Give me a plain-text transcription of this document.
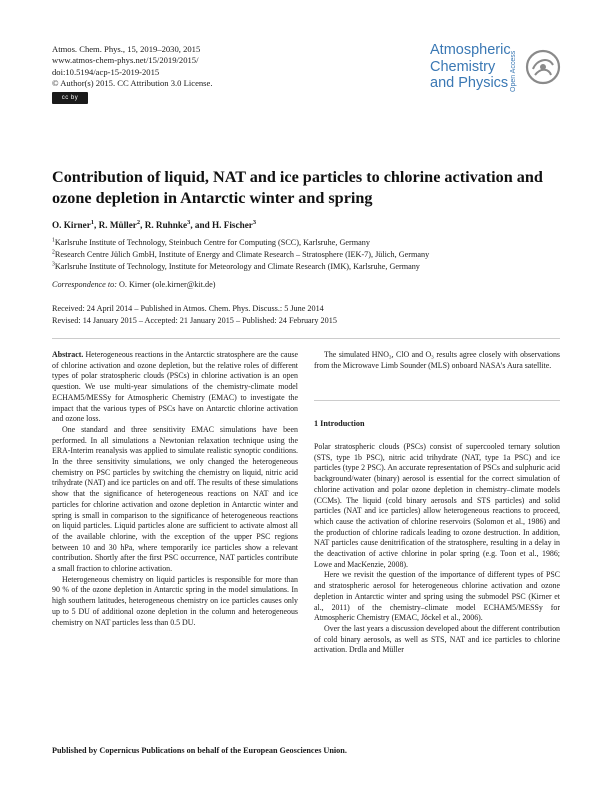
Atmos. Chem. Phys., 15, 2019–2030, 2015
www.atmos-chem-phys.net/15/2019/2015/
doi:10.5194/acp-15-2019-2015
© Author(s) 2015. CC Attribution 3.0 License.
cc by
Atmospheric
Chemistry
and Physics Open Access
Contribution of liquid, NAT and ice particles to chlorine activation and ozone depletion in Antarctic winter and spring
O. Kirner$^1$, R. Müller$^2$, R. Ruhnke$^3$, and H. Fischer$^3$
$^1$Karlsruhe Institute of Technology, Steinbuch Centre for Computing (SCC), Karlsruhe, Germany
$^2$Research Centre Jülich GmbH, Institute of Energy and Climate Research – Stratosphere (IEK-7), Jülich, Germany
$^3$Karlsruhe Institute of Technology, Institute for Meteorology and Climate Research (IMK), Karlsruhe, Germany
Correspondence to: O. Kirner (ole.kirner@kit.de)
Received: 24 April 2014 – Published in Atmos. Chem. Phys. Discuss.: 5 June 2014
Revised: 14 January 2015 – Accepted: 21 January 2015 – Published: 24 February 2015

Abstract. Heterogeneous reactions in the Antarctic stratosphere are the cause of chlorine activation and ozone depletion, but the relative roles of different types of polar stratospheric clouds (PSCs) in chlorine activation is an open question. We use multi-year simulations of the chemistry-climate model ECHAM5/MESSy for Atmospheric Chemistry (EMAC) to investigate the impact that the various types of PSCs have on Antarctic chlorine activation and ozone loss.

One standard and three sensitivity EMAC simulations have been performed. In all simulations a Newtonian relaxation technique using the ERA-Interim reanalysis was applied to simulate realistic synoptic conditions. In the three sensitivity simulations, we only changed the heterogeneous chemistry on PSC particles by switching the chemistry on liquid, nitric acid trihydrate (NAT) and ice particles on and off. The results of these simulations show that the significance of heterogeneous reactions on NAT and ice particles for chlorine activation and ozone depletion in Antarctic winter and spring is small in comparison to the significance of heterogeneous reactions on liquid particles. Liquid particles alone are sufficient to activate almost all of the available chlorine, with the exception of the upper PSC regions between 10 and 30 hPa, where temporarily ice particles show a relevant contribution. Shortly after the first PSC occurrence, NAT particles contribute a small fraction to chlorine activation.

Heterogeneous chemistry on liquid particles is responsible for more than 90 % of the ozone depletion in Antarctic spring in the model simulations. In high southern latitudes, heterogeneous chemistry on ice particles causes only up to 5 DU of additional ozone depletion in the column and heterogeneous chemistry on NAT particles less than 0.5 DU.

The simulated HNO₃, ClO and O₃ results agree closely with observations from the Microwave Limb Sounder (MLS) onboard NASA's Aura satellite.

1 Introduction

Polar stratospheric clouds (PSCs) consist of supercooled ternary solution (STS, type 1b PSC), nitric acid trihydrate (NAT, type 1a PSC) and ice particles (type 2 PSC). An accurate representation of PSCs and sulphuric acid background/water (binary) aerosol is essential for the correct simulation of chlorine activation and polar ozone depletion in chemistry–climate models (CCMs). The liquid (cold binary aerosols and STS particles) and solid particles (NAT and ice particles) allow heterogeneous reactions to proceed, which cause the activation of chlorine reservoirs (Solomon et al., 1986) and the production of chlorine radicals leading to ozone destruction. In addition, NAT particles cause denitrification of the stratosphere, resulting in a delay in the deactivation of active chlorine in polar spring (e.g. Toon et al., 1986; Lowe and MacKenzie, 2008).

Here we revisit the question of the importance of different types of PSC and stratospheric aerosol for heterogeneous chlorine activation and ozone depletion in Antarctic winter and spring using the submodel PSC (Kirner et al., 2011) of the chemistry–climate model ECHAM5/MESSy for Atmospheric Chemistry (EMAC, Jöckel et al., 2006).

Over the last years a discussion developed about the different contribution of cold binary aerosols, as well as STS, NAT and ice particles to chlorine activation. Drdla and Müller

Published by Copernicus Publications on behalf of the European Geosciences Union.
